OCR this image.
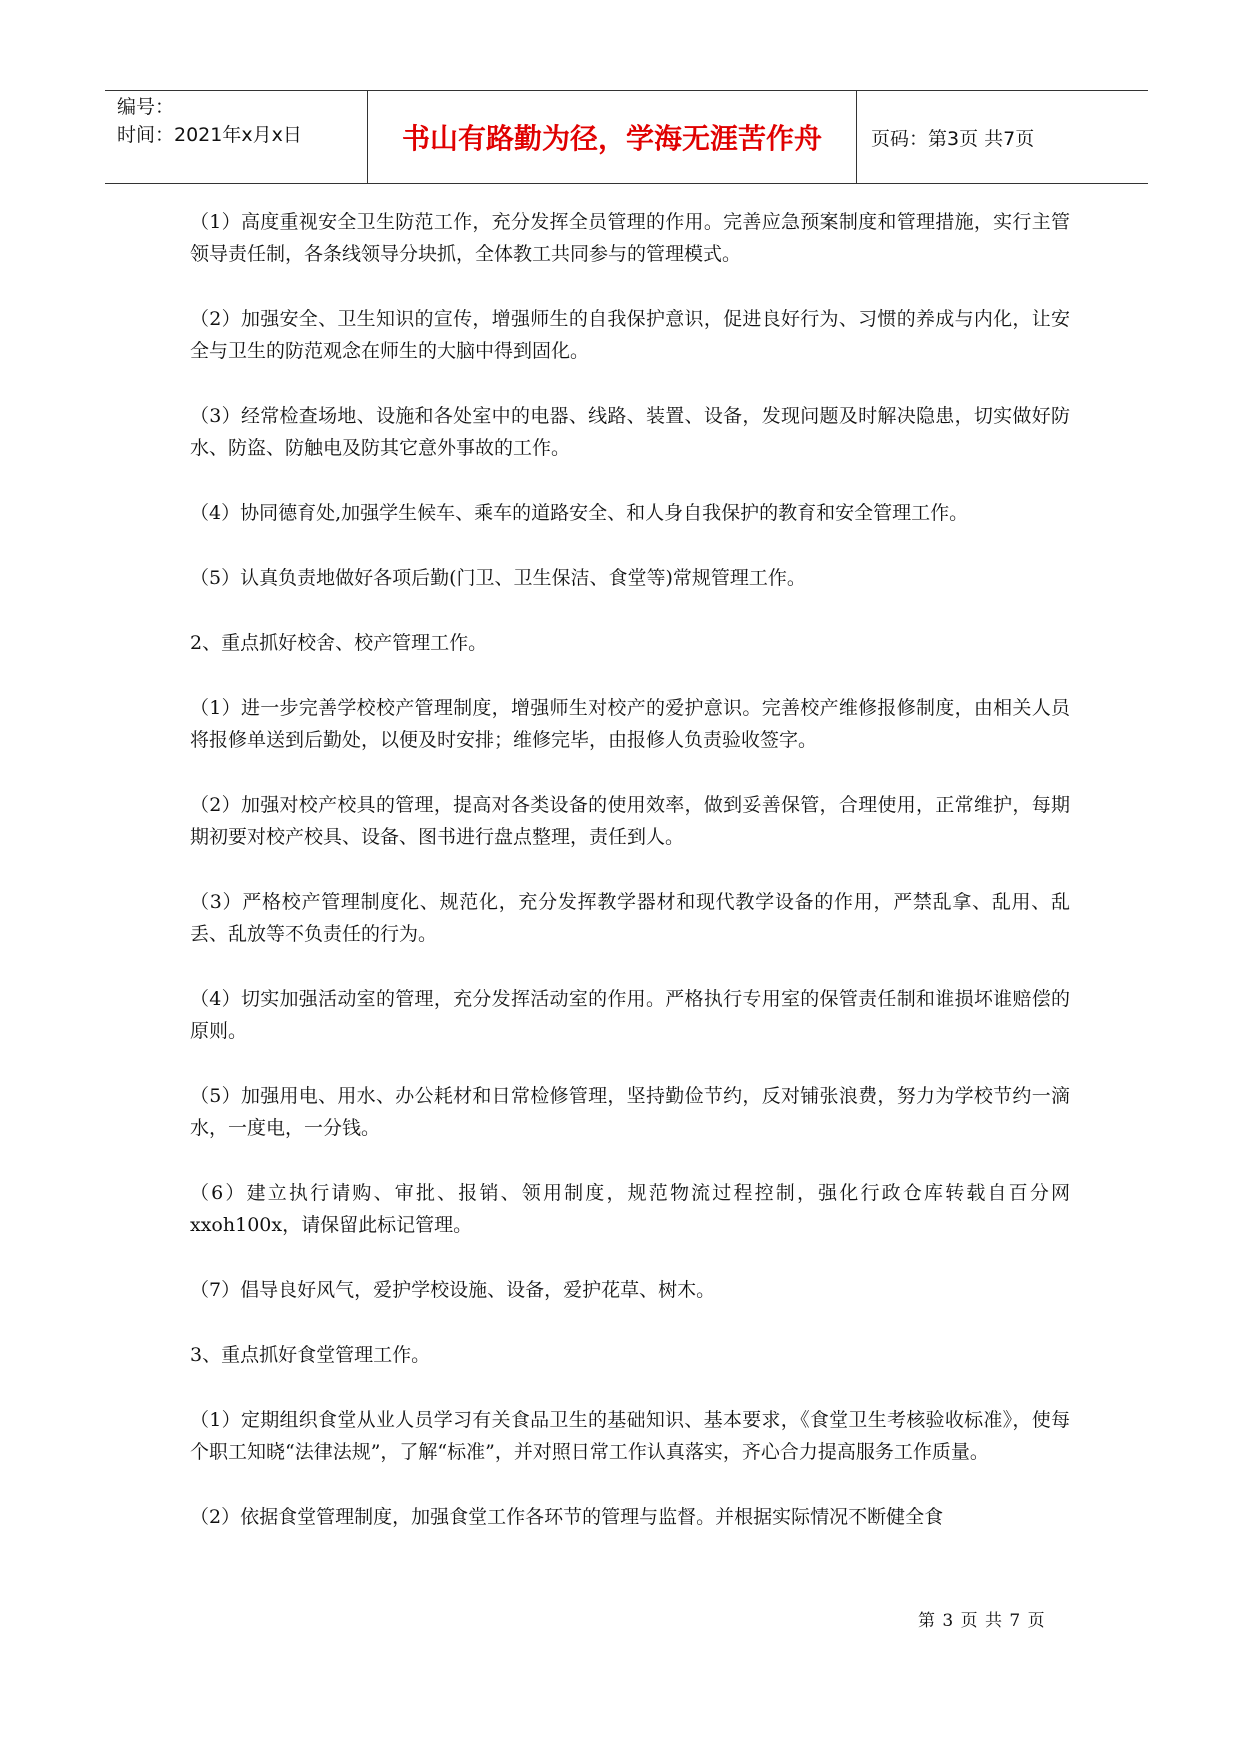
编号：
时间：2021年x月x日	书山有路勤为径，学海无涯苦作舟	页码：第3页 共7页

（1）高度重视安全卫生防范工作，充分发挥全员管理的作用。完善应急预案制度和管理措施，实行主管领导责任制，各条线领导分块抓，全体教工共同参与的管理模式。

（2）加强安全、卫生知识的宣传，增强师生的自我保护意识，促进良好行为、习惯的养成与内化，让安全与卫生的防范观念在师生的大脑中得到固化。

（3）经常检查场地、设施和各处室中的电器、线路、装置、设备，发现问题及时解决隐患，切实做好防水、防盗、防触电及防其它意外事故的工作。

（4）协同德育处,加强学生候车、乘车的道路安全、和人身自我保护的教育和安全管理工作。

（5）认真负责地做好各项后勤(门卫、卫生保洁、食堂等)常规管理工作。

2、重点抓好校舍、校产管理工作。

（1）进一步完善学校校产管理制度，增强师生对校产的爱护意识。完善校产维修报修制度，由相关人员将报修单送到后勤处，以便及时安排；维修完毕，由报修人负责验收签字。

（2）加强对校产校具的管理，提高对各类设备的使用效率，做到妥善保管，合理使用，正常维护，每期期初要对校产校具、设备、图书进行盘点整理，责任到人。

（3）严格校产管理制度化、规范化，充分发挥教学器材和现代教学设备的作用，严禁乱拿、乱用、乱丢、乱放等不负责任的行为。

（4）切实加强活动室的管理，充分发挥活动室的作用。严格执行专用室的保管责任制和谁损坏谁赔偿的原则。

（5）加强用电、用水、办公耗材和日常检修管理，坚持勤俭节约，反对铺张浪费，努力为学校节约一滴水，一度电，一分钱。

（6）建立执行请购、审批、报销、领用制度，规范物流过程控制，强化行政仓库转载自百分网xxoh100x，请保留此标记管理。

（7）倡导良好风气，爱护学校设施、设备，爱护花草、树木。

3、重点抓好食堂管理工作。

（1）定期组织食堂从业人员学习有关食品卫生的基础知识、基本要求，《食堂卫生考核验收标准》，使每个职工知晓“法律法规”，了解“标准”，并对照日常工作认真落实，齐心合力提高服务工作质量。

（2）依据食堂管理制度，加强食堂工作各环节的管理与监督。并根据实际情况不断健全食

第 3 页 共 7 页
